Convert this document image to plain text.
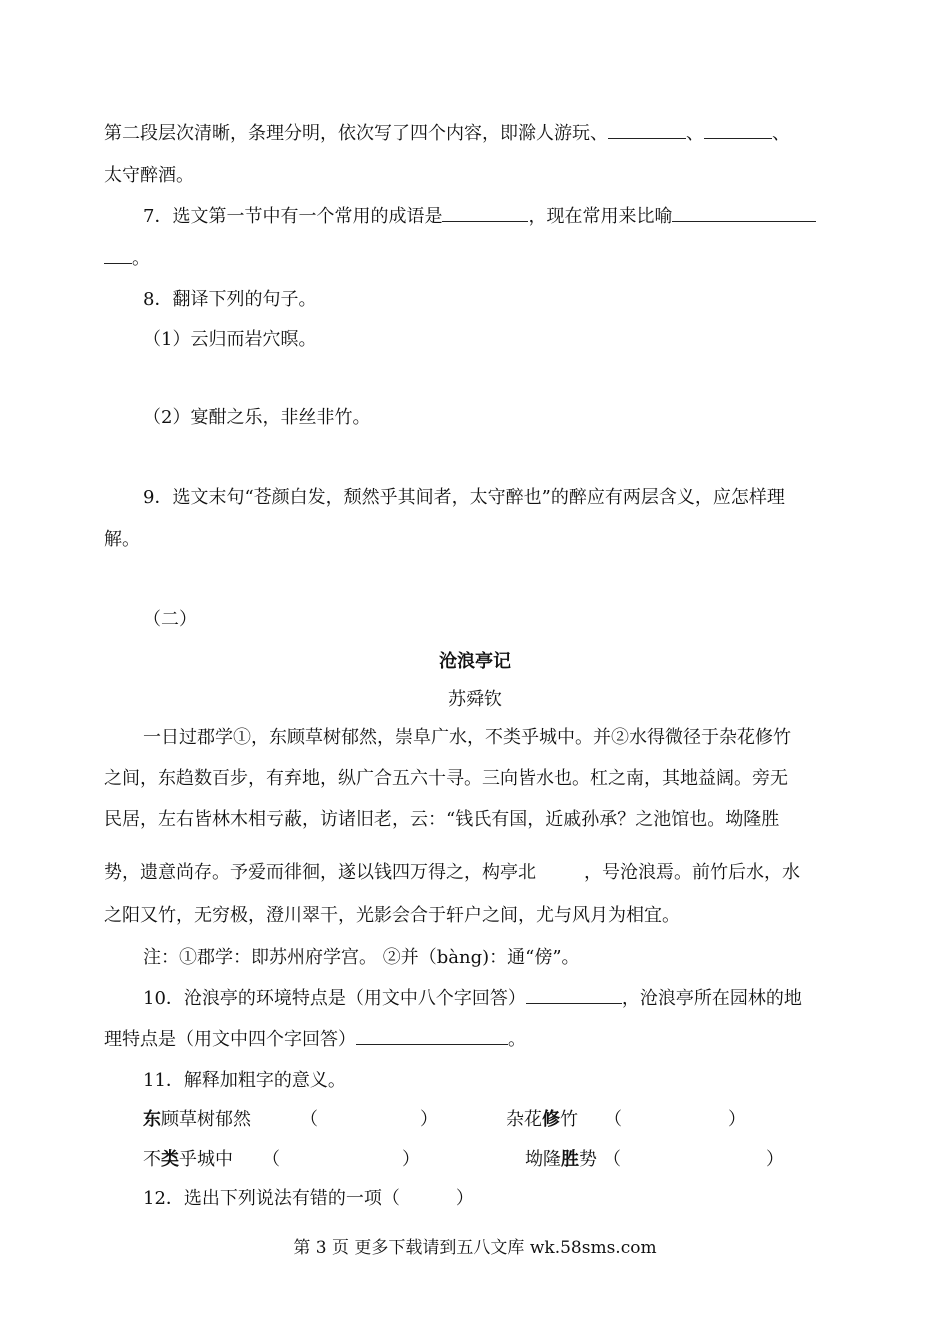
第二段层次清晰，条理分明，依次写了四个内容，即滁人游玩、	、	、
太守醉酒。
7．选文第一节中有一个常用的成语是	，现在常用来比喻
。
8．翻译下列的句子。
（1）云归而岩穴暝。
（2）宴酣之乐，非丝非竹。
9．选文末句“苍颜白发，颓然乎其间者，太守醉也”的醉应有两层含义，应怎样理
解。
（二）
沧浪亭记
苏舜钦
一日过郡学①，东顾草树郁然，崇阜广水，不类乎城中。并②水得微径于杂花修竹
之间，东趋数百步，有弃地，纵广合五六十寻。三向皆水也。杠之南，其地益阔。旁无
民居，左右皆林木相亏蔽，访诸旧老，云：“钱氏有国，近戚孙承？之池馆也。坳隆胜
势，遗意尚存。予爱而徘徊，遂以钱四万得之，构亭北	，号沧浪焉。前竹后水，水
之阳又竹，无穷极，澄川翠干，光影会合于轩户之间，尤与风月为相宜。
注：①郡学：即苏州府学宫。 ②并（bàng)：通“傍”。
10．沧浪亭的环境特点是（用文中八个字回答）	，沧浪亭所在园林的地
理特点是（用文中四个字回答）	。
11．解释加粗字的意义。
东顾草树郁然	（	）	杂花修竹 （	）
不类乎城中 （	）	坳隆胜势 （	）
12．选出下列说法有错的一项（	）
第 3 页 更多下载请到五八文库 wk.58sms.com
